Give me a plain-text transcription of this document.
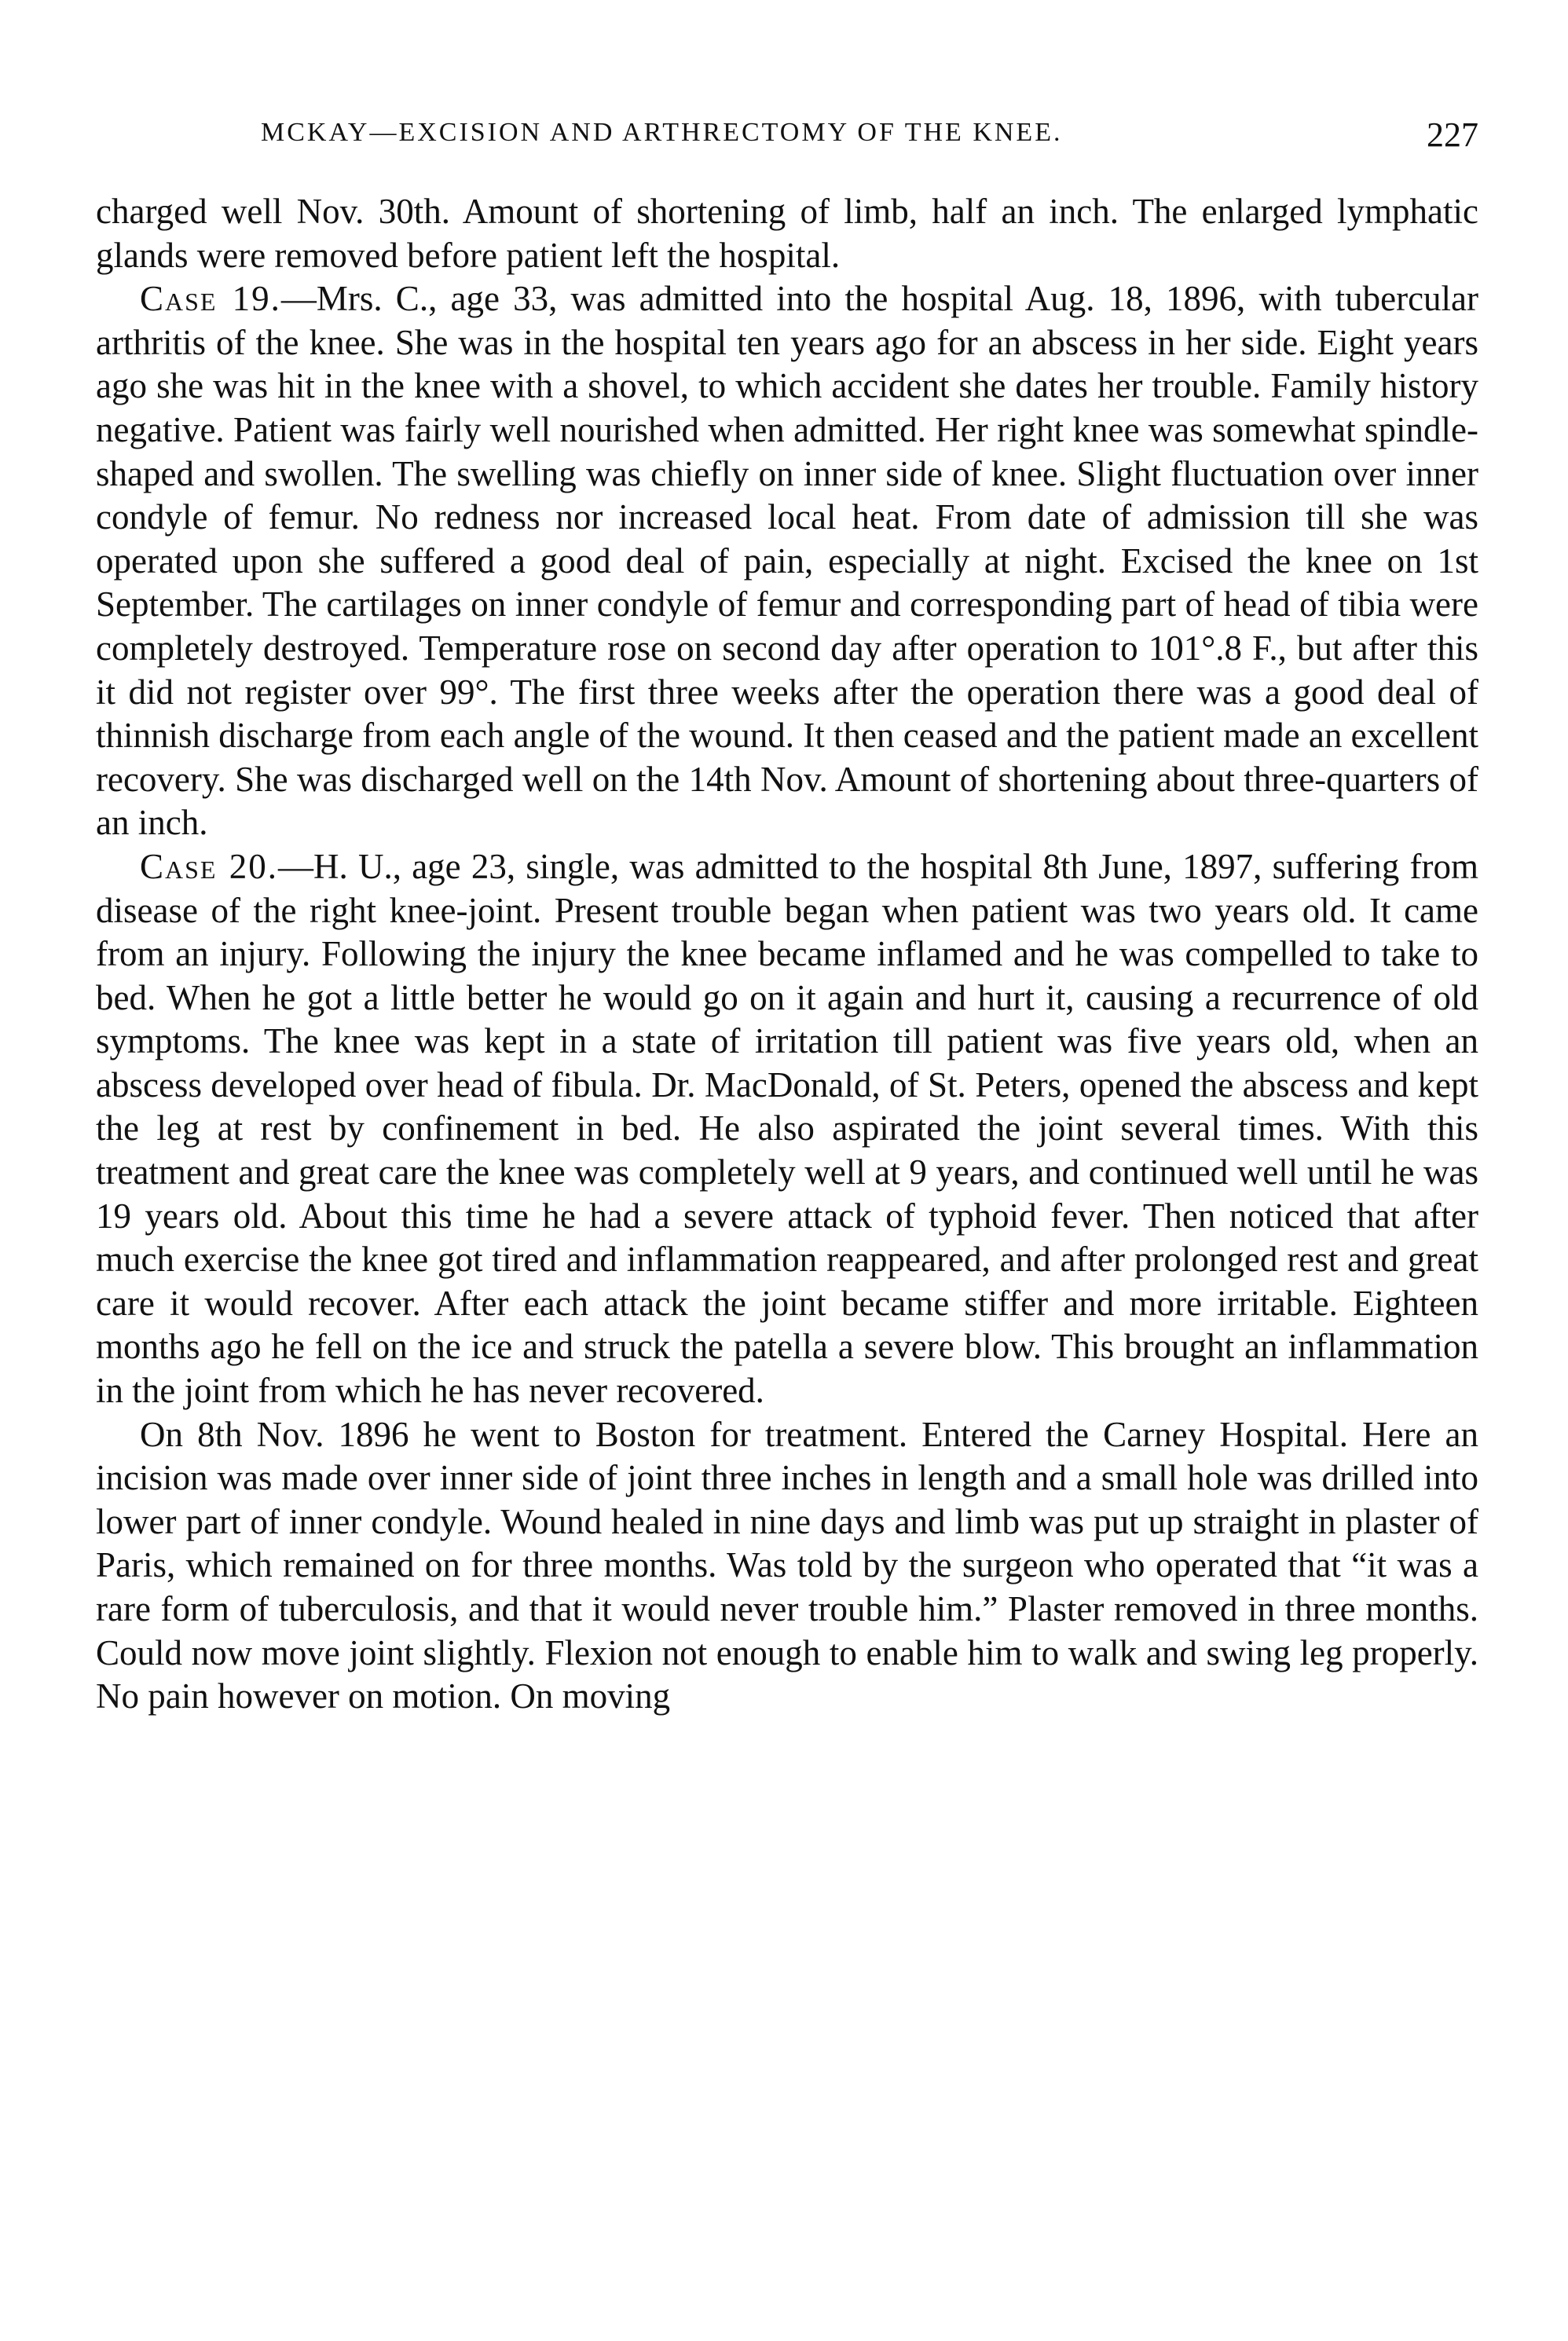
MCKAY—EXCISION AND ARTHRECTOMY OF THE KNEE.	227

charged well Nov. 30th. Amount of shortening of limb, half an inch. The enlarged lymphatic glands were removed before patient left the hospital.

Case 19.—Mrs. C., age 33, was admitted into the hospital Aug. 18, 1896, with tubercular arthritis of the knee. She was in the hospital ten years ago for an abscess in her side. Eight years ago she was hit in the knee with a shovel, to which accident she dates her trouble. Family history negative. Patient was fairly well nourished when admitted. Her right knee was somewhat spindle-shaped and swollen. The swelling was chiefly on inner side of knee. Slight fluctuation over inner condyle of femur. No redness nor increased local heat. From date of admission till she was operated upon she suffered a good deal of pain, especially at night. Excised the knee on 1st September. The cartilages on inner condyle of femur and corresponding part of head of tibia were completely destroyed. Temperature rose on second day after operation to 101°.8 F., but after this it did not register over 99°. The first three weeks after the operation there was a good deal of thinnish discharge from each angle of the wound. It then ceased and the patient made an excellent recovery. She was discharged well on the 14th Nov. Amount of shortening about three-quarters of an inch.

Case 20.—H. U., age 23, single, was admitted to the hospital 8th June, 1897, suffering from disease of the right knee-joint. Present trouble began when patient was two years old. It came from an injury. Following the injury the knee became inflamed and he was compelled to take to bed. When he got a little better he would go on it again and hurt it, causing a recurrence of old symptoms. The knee was kept in a state of irritation till patient was five years old, when an abscess developed over head of fibula. Dr. MacDonald, of St. Peters, opened the abscess and kept the leg at rest by confinement in bed. He also aspirated the joint several times. With this treatment and great care the knee was completely well at 9 years, and continued well until he was 19 years old. About this time he had a severe attack of typhoid fever. Then noticed that after much exercise the knee got tired and inflammation reappeared, and after prolonged rest and great care it would recover. After each attack the joint became stiffer and more irritable. Eighteen months ago he fell on the ice and struck the patella a severe blow. This brought an inflammation in the joint from which he has never recovered.

On 8th Nov. 1896 he went to Boston for treatment. Entered the Carney Hospital. Here an incision was made over inner side of joint three inches in length and a small hole was drilled into lower part of inner condyle. Wound healed in nine days and limb was put up straight in plaster of Paris, which remained on for three months. Was told by the surgeon who operated that “it was a rare form of tuberculosis, and that it would never trouble him.” Plaster removed in three months. Could now move joint slightly. Flexion not enough to enable him to walk and swing leg properly. No pain however on motion. On moving
